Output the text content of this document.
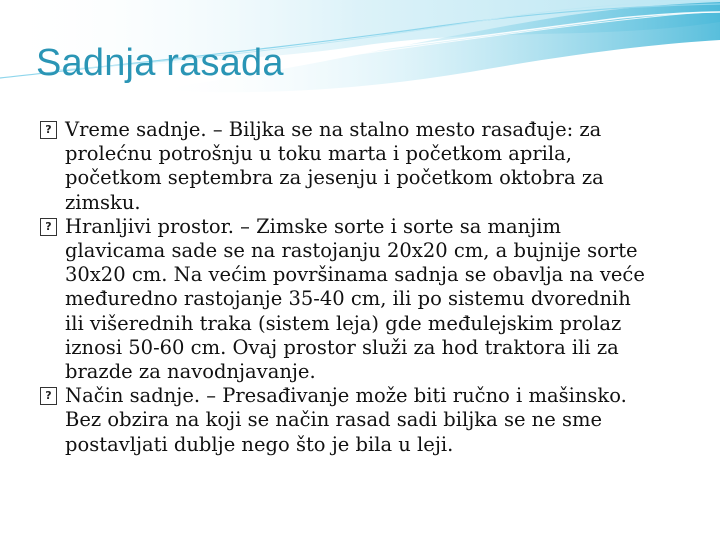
Sadnja rasada
? Vreme sadnje. – Biljka se na stalno mesto rasađuje: za
prolećnu potrošnju u toku marta i početkom aprila,
početkom septembra za jesenju i početkom oktobra za
zimsku.
? Hranljivi prostor. – Zimske sorte i sorte sa manjim
glavicama sade se na rastojanju 20x20 cm, a bujnije sorte
30x20 cm. Na većim površinama sadnja se obavlja na veće
međuredno rastojanje 35-40 cm, ili po sistemu dvorednih
ili višerednih traka (sistem leja) gde mеđulejskim prolaz
iznosi 50-60 cm. Ovaj prostor služi za hod traktora ili za
brazde za navodnjavanje.
? Način sadnje. – Presađivanje može biti ručno i mašinsko.
Bez obzira na koji se način rasad sadi biljka se ne sme
postavljati dublje nego što je bila u leji.
